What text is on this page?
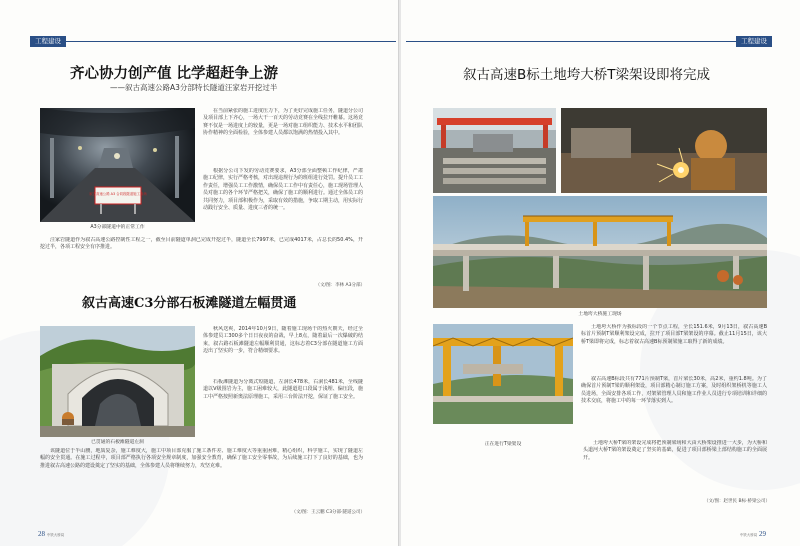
工程建设
齐心协力创产值 比学超赶争上游
——叙古高速公路A3分部特长隧道汪家岩开挖过半
叙古高速公路 A3 合同段隧道施工现场
A3分部隧道中的正常工作
在当前紧张的施工进度压力下，为了更好完成施工任务，隧道分公司及项目部上下齐心，一场大干一百天的劳动竞赛在全线拉开帷幕。这场竞赛不仅是一场进度上的较量，更是一场对施工组织能力、技术水平和团队协作精神的全面检验，全体参建人员都以饱满的热情投入其中。
根据分公司下发的劳动竞赛要求，A3分部全面整顿工作纪律，严肃施工纪律，实行严格考核，对出现违规行为的班组进行处罚。提升员工工作责任，增强员工工作激情，确保员工工作中有责任心，施工现场管理人员对施工的各个环节严格把关，确保了施工的顺利进行。通过全体员工的共同努力，项目部积极作为，采取有效的措施，争取工期主动，用实际行动践行安全、质量、进度三者的统一。
汪家岩隧道作为叙古高速公路控制性工程之一，截至目前隧道单洞已完成开挖过半，隧道全长7997米，已完成4017米，占总长的50.4%，开挖过半，各项工程安全有序推进。
（文/图：李林 A3分部）
叙古高速C3分部石板滩隧道左幅贯通
已贯通的石板滩隧道左洞
秋风送爽，2014年10月9日，随着施工现场干的热火朝天，经过全体参建员工300多个日日夜夜的奋战，早上8点，随着最后一次爆破的结束，叙古路石板滩隧道左幅顺利贯通，这标志着C3分部在隧道施工方面迈出了坚实的一步，符合精细要求。
石板滩隧道为分离式短隧道，左洞长478米，右洞长481米，全线隧道以Ⅴ级围岩为主，施工困难较大，此隧道进口段属于浅埋、偏压段，施工中严格按照新奥法原理施工，采用三台阶法开挖，保证了施工安全。
该隧道位于半山腰，地质复杂，施工难度大，施工中项目部克服了施工条件差、施工难度大等重重困难，精心组织，科学施工，实现了隧道左幅的安全贯通。在施工过程中，项目部严格执行各项安全规章制度，加强安全教育，确保了施工安全零事故，为后续施工打下了良好的基础，也为推进叙古高速公路的建设奠定了坚实的基础，全体参建人员将继续努力，攻坚克难。
（文/图：王云鹏 C3分部·隧道公司）
28 中铁大桥局
工程建设
叙古高速B标土地垮大桥T梁架设即将完成
土地垮大桥施工现场
正在进行T梁架设
土地垮大桥作为我标段的一个节点工程，全长151.6米，9月13日，叙古高速B标首片预制T梁顺利架设完成，拉开了项目部T梁架设的序幕。截止11月15日，该大桥T梁即将完成，标志着叙古高速B标预制梁施工取得了新的成绩。
叙古高速B标段共有771片预制T梁，首片梁长30米，高2米，重约1.8吨。为了确保首片预制T梁的顺利架设，项目部精心制订施工方案，及时组织架桥机等施工人员进场，全面安排各项工作，对架梁管理人员和施工作业人员进行专项培训和详细的技术交底，将施工中的每一环节落实到人。
土地垮大桥T梁的架设完成将把预制梁场和大由大桥架设推进一大步，为大桥和头道河大桥T梁的架设奠定了坚实的基础，促进了项目部桥梁上部结构施工的全面展开。
（文/图：赵世民 B标·桥梁公司）
中铁大桥局 29
